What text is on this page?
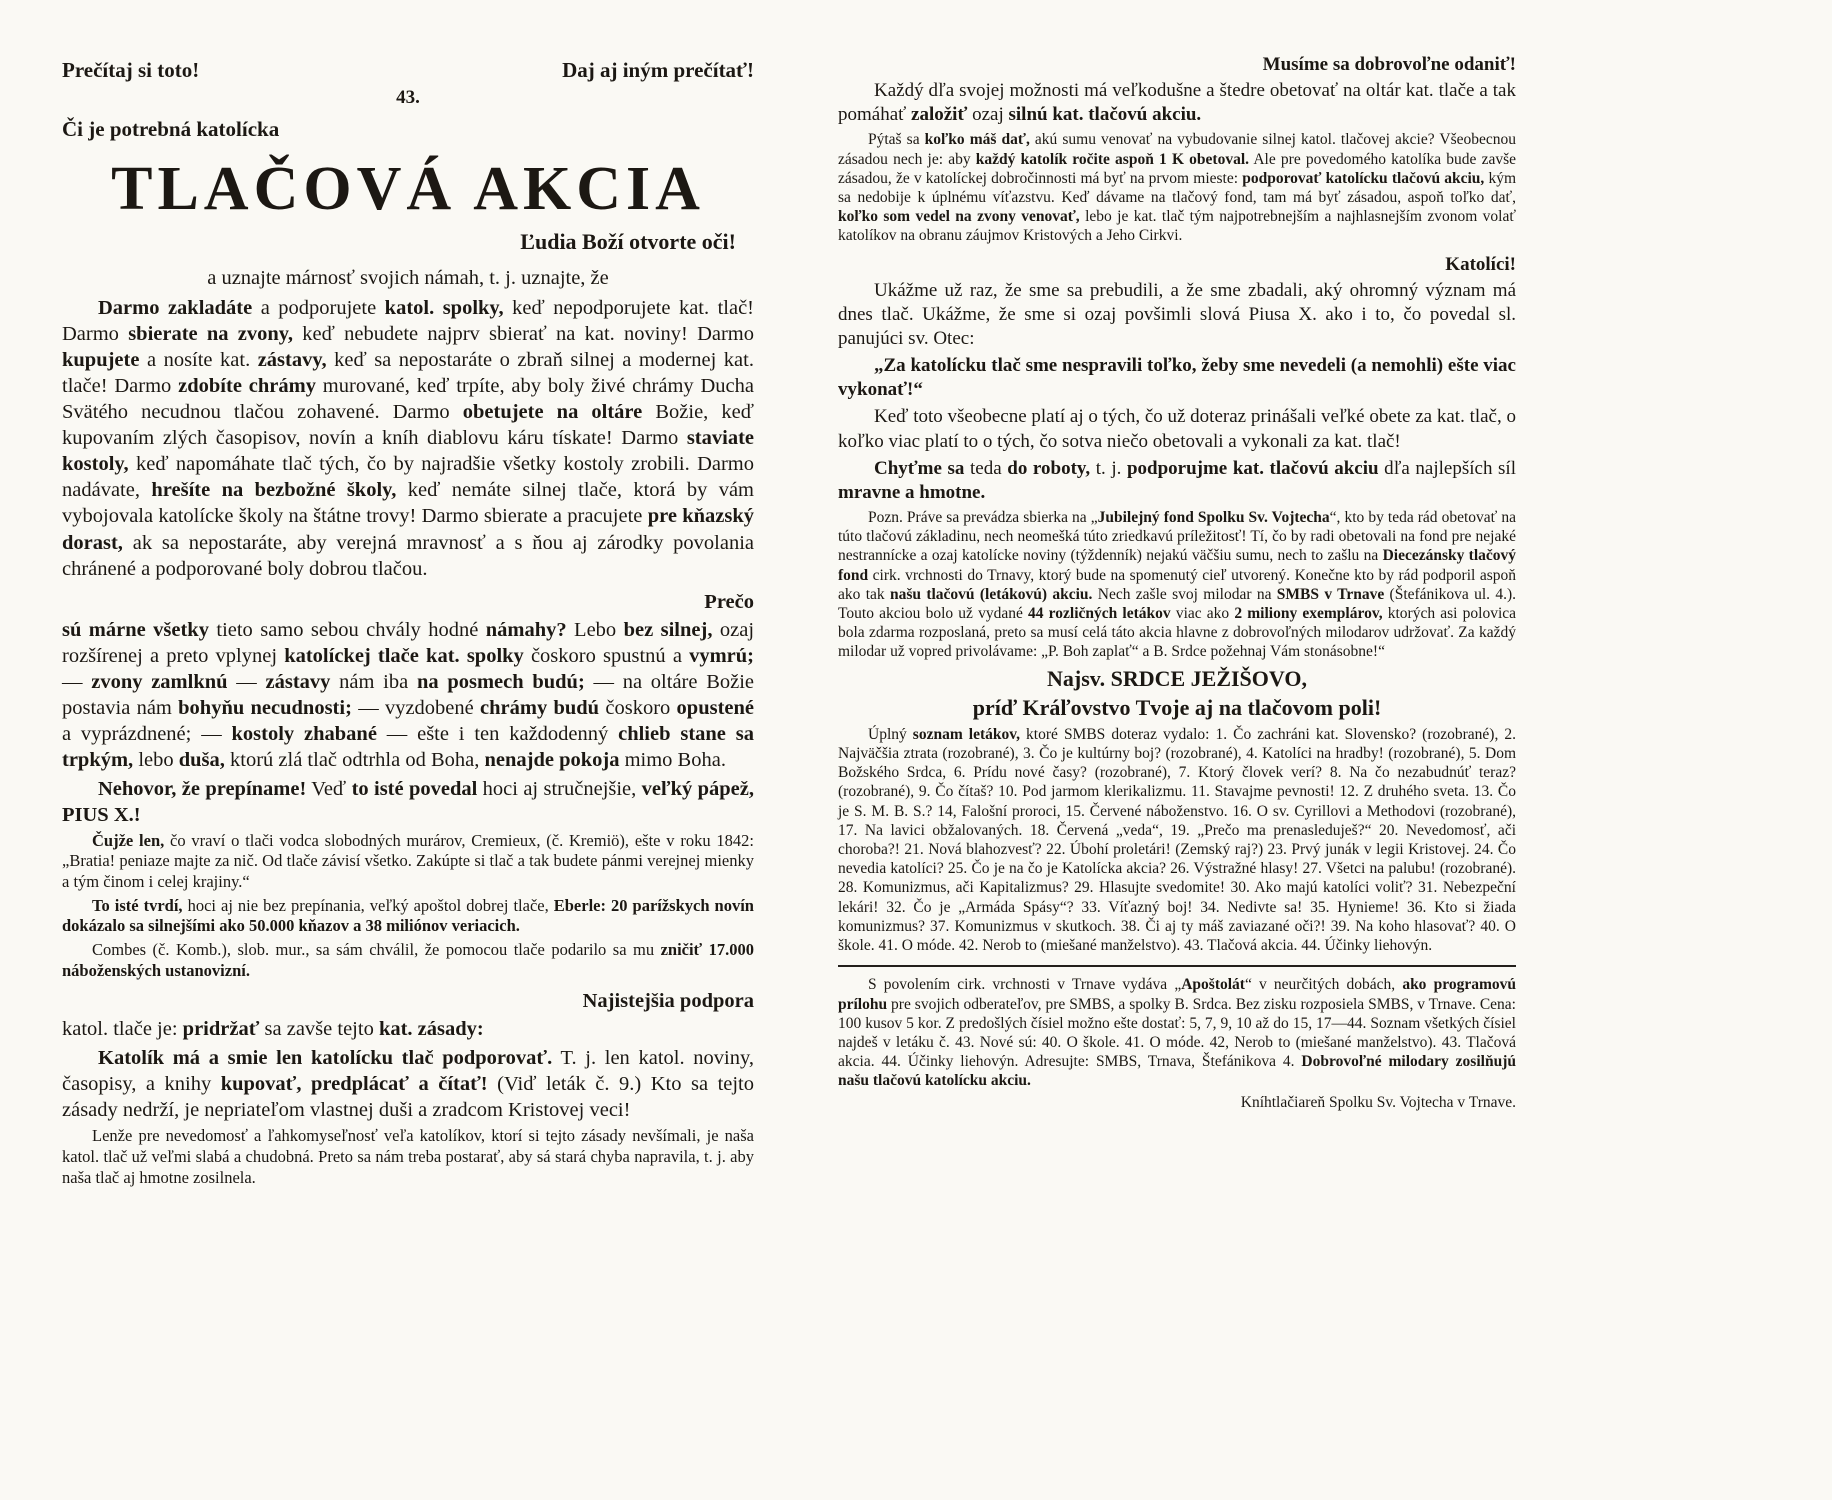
Prečítaj si toto!	Daj aj iným prečítať!
43.
Či je potrebná katolícka
TLAČOVÁ AKCIA
Ľudia Boží otvorte oči!
a uznajte márnosť svojich námah, t. j. uznajte, že
Darmo zakladáte a podporujete katol. spolky, keď nepodporujete kat. tlač! Darmo sbierate na zvony, keď nebudete najprv sbierať na kat. noviny! Darmo kupujete a nosíte kat. zástavy, keď sa nepostaráte o zbraň silnej a modernej kat. tlače! Darmo zdobíte chrámy murované, keď trpíte, aby boly živé chrámy Ducha Svätého necudnou tlačou zohavené. Darmo obetujete na oltáre Božie, keď kupovaním zlých časopisov, novín a kníh diablovu káru tískate! Darmo staviate kostoly, keď napomáhate tlač tých, čo by najradšie všetky kostoly zrobili. Darmo nadávate, hrešíte na bezbožné školy, keď nemáte silnej tlače, ktorá by vám vybojovala katolícke školy na štátne trovy! Darmo sbierate a pracujete pre kňazský dorast, ak sa nepostaráte, aby verejná mravnosť a s ňou aj zárodky povolania chránené a podporované boly dobrou tlačou.
Prečo
sú márne všetky tieto samo sebou chvály hodné námahy? Lebo bez silnej, ozaj rozšírenej a preto vplynej katolíckej tlače kat. spolky čoskoro spustnú a vymrú; — zvony zamlknú — zástavy nám iba na posmech budú; — na oltáre Božie postavia nám bohyňu necudnosti; — vyzdobené chrámy budú čoskoro opustené a vyprázdnené; — kostoly zhabané — ešte i ten každodenný chlieb stane sa trpkým, lebo duša, ktorú zlá tlač odtrhla od Boha, nenajde pokoja mimo Boha.
Nehovor, že prepíname! Veď to isté povedal hoci aj stručnejšie, veľký pápež, PIUS X.!
Čujže len, čo vraví o tlači vodca slobodných murárov, Cremieux, (č. Kremiö), ešte v roku 1842: „Bratia! peniaze majte za nič. Od tlače závisí všetko. Zakúpte si tlač a tak budete pánmi verejnej mienky a tým činom i celej krajiny.“
To isté tvrdí, hoci aj nie bez prepínania, veľký apoštol dobrej tlače, Eberle: 20 parížskych novín dokázalo sa silnejšími ako 50.000 kňazov a 38 miliónov veriacich.
Combes (č. Komb.), slob. mur., sa sám chválil, že pomocou tlače podarilo sa mu zničiť 17.000 náboženských ustanovizní.
Najistejšia podpora
katol. tlače je: pridržať sa zavše tejto kat. zásady:
Katolík má a smie len katolícku tlač podporovať. T. j. len katol. noviny, časopisy, a knihy kupovať, predplácať a čítať! (Viď leták č. 9.) Kto sa tejto zásady nedrží, je nepriateľom vlastnej duši a zradcom Kristovej veci!
Lenže pre nevedomosť a ľahkomyseľnosť veľa katolíkov, ktorí si tejto zásady nevšímali, je naša katol. tlač už veľmi slabá a chudobná. Preto sa nám treba postarať, aby sá stará chyba napravila, t. j. aby naša tlač aj hmotne zosilnela.
Musíme sa dobrovoľne odaniť!
Každý dľa svojej možnosti má veľkodušne a štedre obetovať na oltár kat. tlače a tak pomáhať založiť ozaj silnú kat. tlačovú akciu.
Pýtaš sa koľko máš dať, akú sumu venovať na vybudovanie silnej katol. tlačovej akcie? Všeobecnou zásadou nech je: aby každý katolík ročite aspoň 1 K obetoval. Ale pre povedomého katolíka bude zavše zásadou, že v katolíckej dobročinnosti má byť na prvom mieste: podporovať katolícku tlačovú akciu, kým sa nedobije k úplnému víťazstvu. Keď dávame na tlačový fond, tam má byť zásadou, aspoň toľko dať, koľko som vedel na zvony venovať, lebo je kat. tlač tým najpotrebnejším a najhlasnejším zvonom volať katolíkov na obranu záujmov Kristových a Jeho Cirkvi.
Katolíci!
Ukážme už raz, že sme sa prebudili, a že sme zbadali, aký ohromný význam má dnes tlač. Ukážme, že sme si ozaj povšimli slová Piusa X. ako i to, čo povedal sl. panujúci sv. Otec:
„Za katolícku tlač sme nespravili toľko, žeby sme nevedeli (a nemohli) ešte viac vykonať!“
Keď toto všeobecne platí aj o tých, čo už doteraz prinášali veľké obete za kat. tlač, o koľko viac platí to o tých, čo sotva niečo obetovali a vykonali za kat. tlač!
Chyťme sa teda do roboty, t. j. podporujme kat. tlačovú akciu dľa najlepších síl mravne a hmotne.
Pozn. Práve sa prevádza sbierka na „Jubilejný fond Spolku Sv. Vojtecha“, kto by teda rád obetovať na túto tlačovú základinu, nech neomešká túto zriedkavú príležitosť! Tí, čo by radi obetovali na fond pre nejaké nestrannícke a ozaj katolícke noviny (týždenník) nejakú väčšiu sumu, nech to zašlu na Diecezánsky tlačový fond cirk. vrchnosti do Trnavy, ktorý bude na spomenutý cieľ utvorený. Konečne kto by rád podporil aspoň ako tak našu tlačovú (letákovú) akciu. Nech zašle svoj milodar na SMBS v Trnave (Štefánikova ul. 4.). Touto akciou bolo už vydané 44 rozličných letákov viac ako 2 miliony exemplárov, ktorých asi polovica bola zdarma rozposlaná, preto sa musí celá táto akcia hlavne z dobrovoľných milodarov udržovať. Za každý milodar už vopred privolávame: „P. Boh zaplať“ a B. Srdce požehnaj Vám stonásobne!“
Najsv. SRDCE JEŽIŠOVO,
príď Kráľovstvo Tvoje aj na tlačovom poli!
Úplný soznam letákov, ktoré SMBS doteraz vydalo: 1. Čo zachráni kat. Slovensko? (rozobrané), 2. Najväčšia ztrata (rozobrané), 3. Čo je kultúrny boj? (rozobrané), 4. Katolíci na hradby! (rozobrané), 5. Dom Božského Srdca, 6. Prídu nové časy? (rozobrané), 7. Ktorý človek verí? 8. Na čo nezabudnúť teraz? (rozobrané), 9. Čo čítaš? 10. Pod jarmom klerikalizmu. 11. Stavajme pevnosti! 12. Z druhého sveta. 13. Čo je S. M. B. S.? 14, Falošní proroci, 15. Červené náboženstvo. 16. O sv. Cyrillovi a Methodovi (rozobrané), 17. Na lavici obžalovaných. 18. Červená „veda“, 19. „Prečo ma prenasleduješ?“ 20. Nevedomosť, ači choroba?! 21. Nová blahozvesť? 22. Úbohí proletári! (Zemský raj?) 23. Prvý junák v legii Kristovej. 24. Čo nevedia katolíci? 25. Čo je na čo je Katolícka akcia? 26. Výstražné hlasy! 27. Všetci na palubu! (rozobrané). 28. Komunizmus, ači Kapitalizmus? 29. Hlasujte svedomite! 30. Ako majú katolíci voliť? 31. Nebezpeční lekári! 32. Čo je „Armáda Spásy“? 33. Víťazný boj! 34. Nedivte sa! 35. Hynieme! 36. Kto si žiada komunizmus? 37. Komunizmus v skutkoch. 38. Či aj ty máš zaviazané oči?! 39. Na koho hlasovať? 40. O škole. 41. O móde. 42. Nerob to (miešané manželstvo). 43. Tlačová akcia. 44. Účinky liehovýn.
S povolením cirk. vrchnosti v Trnave vydáva „Apoštolát“ v neurčitých dobách, ako programovú prílohu pre svojich odberateľov, pre SMBS, a spolky B. Srdca. Bez zisku rozposiela SMBS, v Trnave. Cena: 100 kusov 5 kor. Z predošlých čísiel možno ešte dostať: 5, 7, 9, 10 až do 15, 17—44. Soznam všetkých čísiel najdeš v letáku č. 43. Nové sú: 40. O škole. 41. O móde. 42, Nerob to (miešané manželstvo). 43. Tlačová akcia. 44. Účinky liehovýn. Adresujte: SMBS, Trnava, Štefánikova 4. Dobrovoľné milodary zosilňujú našu tlačovú katolícku akciu.
Kníhtlačiareň Spolku Sv. Vojtecha v Trnave.
